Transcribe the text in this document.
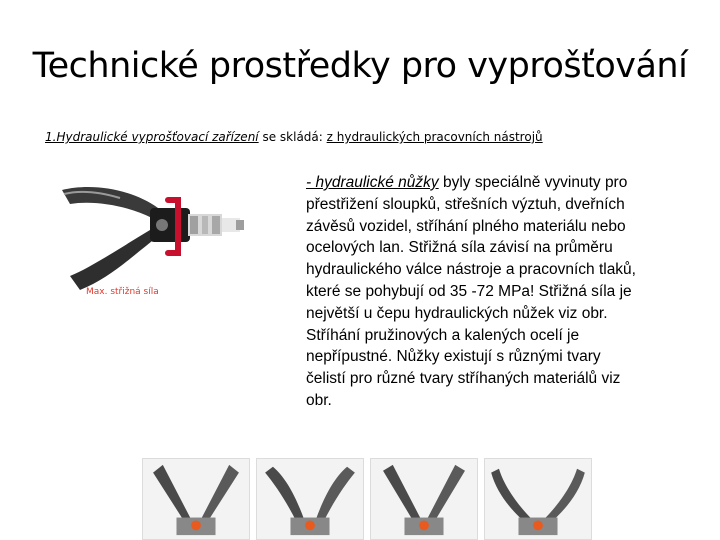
Technické prostředky pro vyprošťování
1.Hydraulické vyprošťovací zařízení se skládá: z hydraulických pracovních nástrojů
Max. střižná síla
- hydraulické nůžky byly speciálně vyvinuty pro přestřižení sloupků, střešních výztuh, dveřních závěsů vozidel, stříhání plného materiálu nebo ocelových lan. Střižná síla závisí na průměru hydraulického válce nástroje a pracovních tlaků, které se pohybují od 35 -72 MPa! Střižná síla je největší u čepu hydraulických nůžek viz obr. Stříhání pružinových a kalených ocelí je nepřípustné. Nůžky existují s různými tvary čelistí pro různé tvary stříhaných materiálů viz obr.
